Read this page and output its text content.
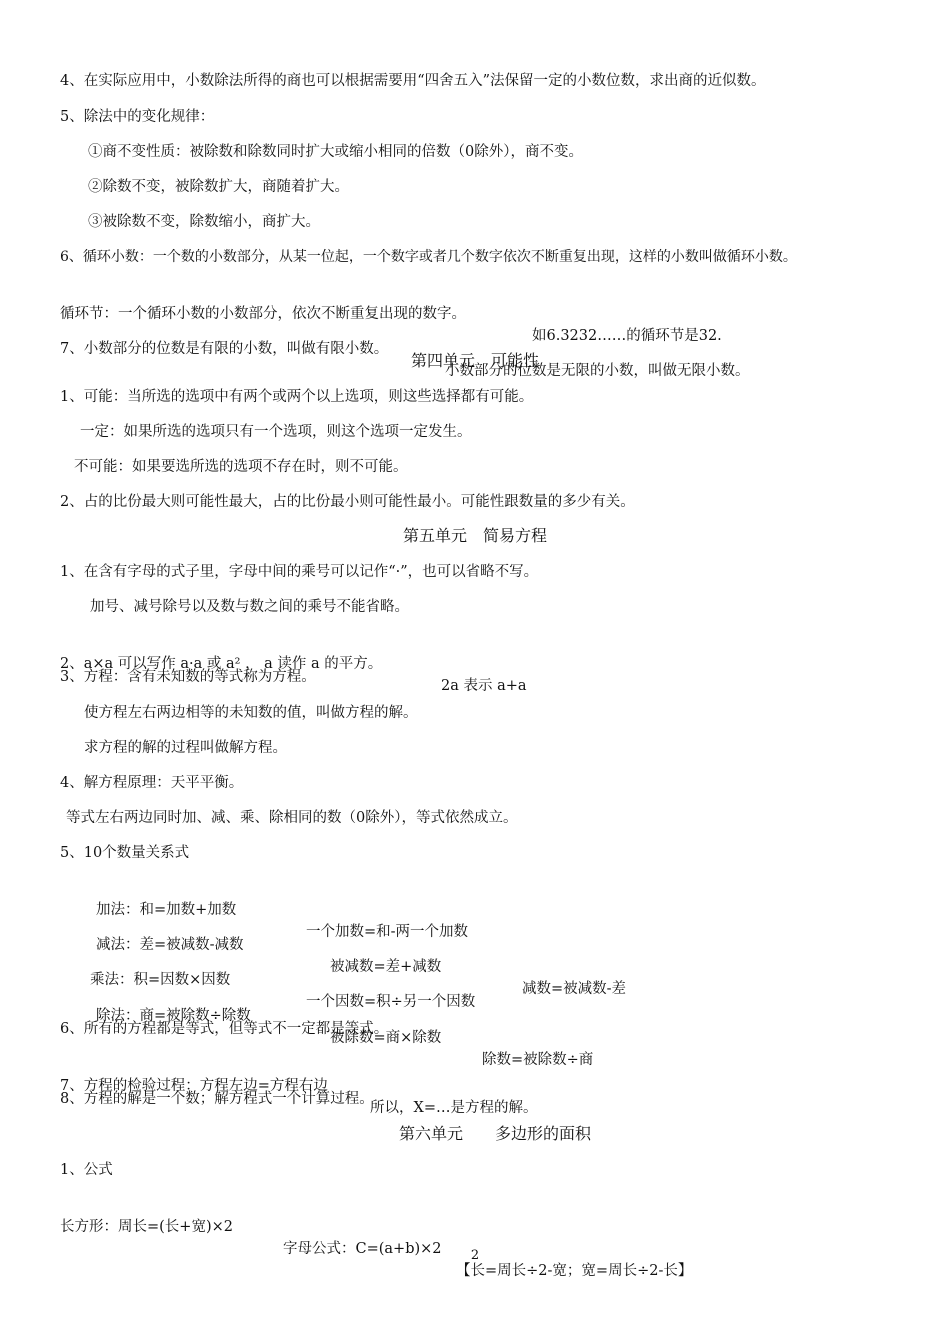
4、在实际应用中，小数除法所得的商也可以根据需要用“四舍五入”法保留一定的小数位数，求出商的近似数。
5、除法中的变化规律：
①商不变性质：被除数和除数同时扩大或缩小相同的倍数（0除外），商不变。
②除数不变，被除数扩大，商随着扩大。
③被除数不变，除数缩小，商扩大。
6、循环小数：一个数的小数部分，从某一位起，一个数字或者几个数字依次不断重复出现，这样的小数叫做循环小数。

循环节：一个循环小数的小数部分，依次不断重复出现的数字。

如6.3232……的循环节是32.

7、小数部分的位数是有限的小数，叫做有限小数。

小数部分的位数是无限的小数，叫做无限小数。

第四单元　可能性
1、可能：当所选的选项中有两个或两个以上选项，则这些选择都有可能。
一定：如果所选的选项只有一个选项，则这个选项一定发生。
不可能：如果要选所选的选项不存在时，则不可能。
2、占的比份最大则可能性最大，占的比份最小则可能性最小。可能性跟数量的多少有关。
第五单元　简易方程
1、在含有字母的式子里，字母中间的乘号可以记作“·”，也可以省略不写。
加号、减号除号以及数与数之间的乘号不能省略。

2、a×a 可以写作 a·a 或 a² ， a 读作 a 的平方。

2a 表示 a+a

3、方程：含有未知数的等式称为方程。
使方程左右两边相等的未知数的值，叫做方程的解。
求方程的解的过程叫做解方程。
4、解方程原理：天平平衡。
等式左右两边同时加、减、乘、除相同的数（0除外），等式依然成立。
5、10个数量关系式

加法：和=加数+加数

一个加数=和-两一个加数

减法：差=被减数-减数

被减数=差+减数

减数=被减数-差

乘法：积=因数×因数

一个因数=积÷另一个因数

除法：商=被除数÷除数

被除数=商×除数

除数=被除数÷商

6、所有的方程都是等式，但等式不一定都是等式。

7、方程的检验过程：方程左边=方程右边

所以，X=…是方程的解。

8、方程的解是一个数；解方程式一个计算过程。
第六单元　　多边形的面积
1、公式

长方形：周长=(长+宽)×2

字母公式：C=(a+b)×2

【长=周长÷2-宽；宽=周长÷2-长】

2
